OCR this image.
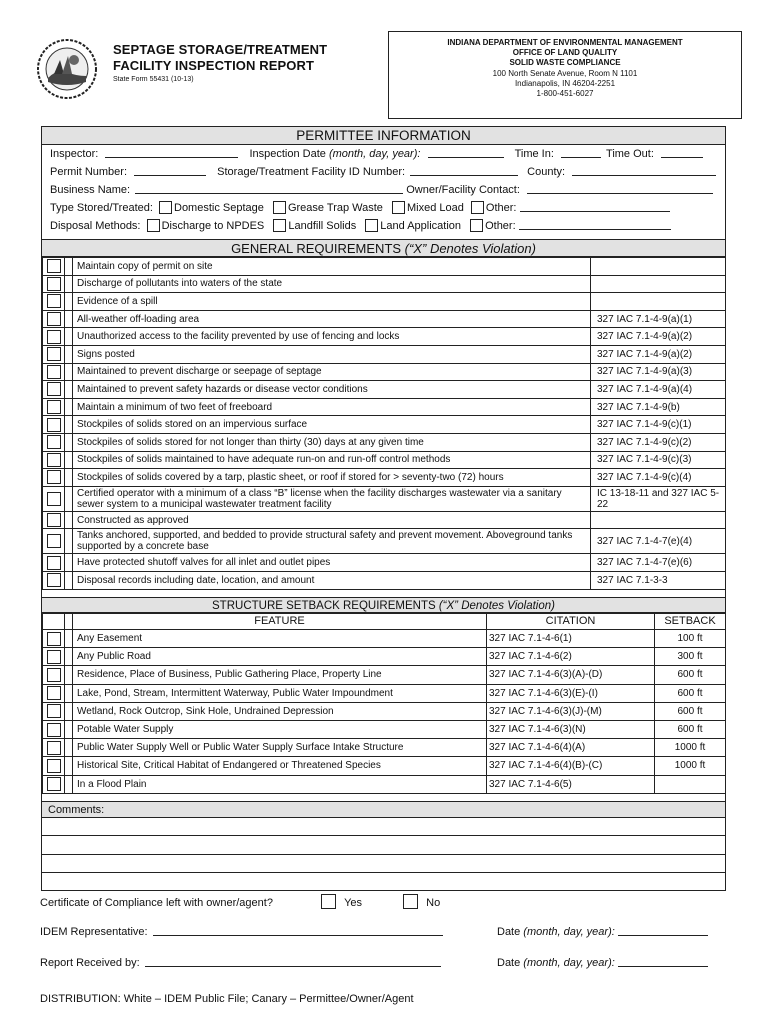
SEPTAGE STORAGE/TREATMENT
FACILITY INSPECTION REPORT
State Form 55431 (10-13)
INDIANA DEPARTMENT OF ENVIRONMENTAL MANAGEMENT
OFFICE OF LAND QUALITY
SOLID WASTE COMPLIANCE
100 North Senate Avenue, Room N 1101
Indianapolis, IN 46204-2251
1-800-451-6027
PERMITTEE INFORMATION
Inspector:	Inspection Date (month, day, year):	Time In:	Time Out:
Permit Number:	Storage/Treatment Facility ID Number:	County:
Business Name:	Owner/Facility Contact:
Type Stored/Treated: Domestic Septage Grease Trap Waste Mixed Load Other:
Disposal Methods: Discharge to NPDES Landfill Solids Land Application Other:
GENERAL REQUIREMENTS (“X” Denotes Violation)
		Maintain copy of permit on site	
		Discharge of pollutants into waters of the state	
		Evidence of a spill	
		All-weather off-loading area	327 IAC 7.1-4-9(a)(1)
		Unauthorized access to the facility prevented by use of fencing and locks	327 IAC 7.1-4-9(a)(2)
		Signs posted	327 IAC 7.1-4-9(a)(2)
		Maintained to prevent discharge or seepage of septage	327 IAC 7.1-4-9(a)(3)
		Maintained to prevent safety hazards or disease vector conditions	327 IAC 7.1-4-9(a)(4)
		Maintain a minimum of two feet of freeboard	327 IAC 7.1-4-9(b)
		Stockpiles of solids stored on an impervious surface	327 IAC 7.1-4-9(c)(1)
		Stockpiles of solids stored for not longer than thirty (30) days at any given time	327 IAC 7.1-4-9(c)(2)
		Stockpiles of solids maintained to have adequate run-on and run-off control methods	327 IAC 7.1-4-9(c)(3)
		Stockpiles of solids covered by a tarp, plastic sheet, or roof if stored for > seventy-two (72) hours	327 IAC 7.1-4-9(c)(4)
		Certified operator with a minimum of a class “B” license when the facility discharges wastewater via a sanitary sewer system to a municipal wastewater treatment facility	IC 13-18-11 and 327 IAC 5-22
		Constructed as approved	
		Tanks anchored, supported, and bedded to provide structural safety and prevent movement. Aboveground tanks supported by a concrete base	327 IAC 7.1-4-7(e)(4)
		Have protected shutoff valves for all inlet and outlet pipes	327 IAC 7.1-4-7(e)(6)
		Disposal records including date, location, and amount	327 IAC 7.1-3-3
STRUCTURE SETBACK REQUIREMENTS (“X” Denotes Violation)
		FEATURE	CITATION	SETBACK
		Any Easement	327 IAC 7.1-4-6(1)	100 ft
		Any Public Road	327 IAC 7.1-4-6(2)	300 ft
		Residence, Place of Business, Public Gathering Place, Property Line	327 IAC 7.1-4-6(3)(A)-(D)	600 ft
		Lake, Pond, Stream, Intermittent Waterway, Public Water Impoundment	327 IAC 7.1-4-6(3)(E)-(I)	600 ft
		Wetland, Rock Outcrop, Sink Hole, Undrained Depression	327 IAC 7.1-4-6(3)(J)-(M)	600 ft
		Potable Water Supply	327 IAC 7.1-4-6(3)(N)	600 ft
		Public Water Supply Well or Public Water Supply Surface Intake Structure	327 IAC 7.1-4-6(4)(A)	1000 ft
		Historical Site, Critical Habitat of Endangered or Threatened Species	327 IAC 7.1-4-6(4)(B)-(C)	1000 ft
		In a Flood Plain	327 IAC 7.1-4-6(5)	
Comments:
Certificate of Compliance left with owner/agent?	Yes	No
IDEM Representative:	Date (month, day, year):
Report Received by:	Date (month, day, year):
DISTRIBUTION: White – IDEM Public File; Canary – Permittee/Owner/Agent
